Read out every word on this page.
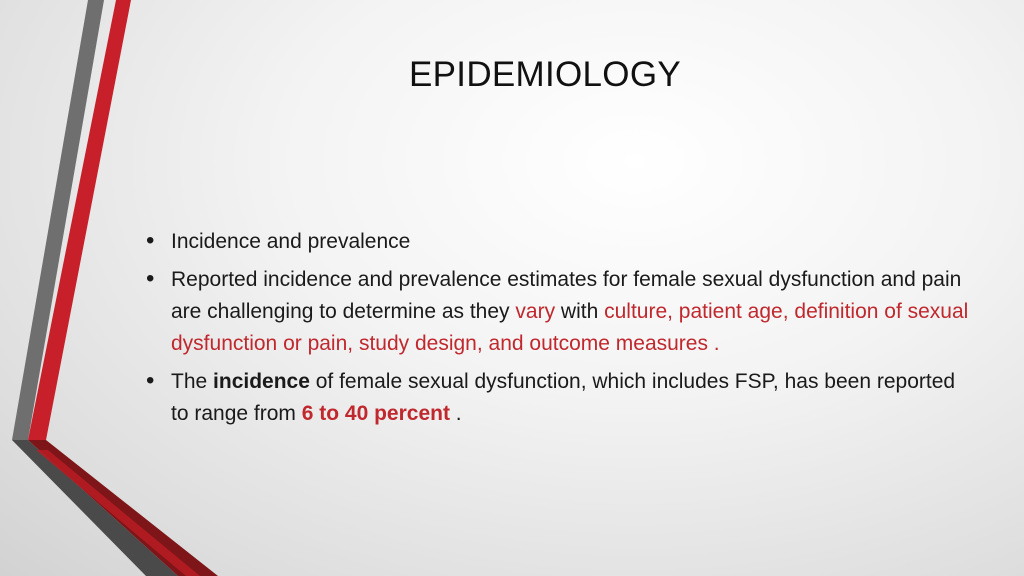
EPIDEMIOLOGY
• Incidence and prevalence
• Reported incidence and prevalence estimates for female sexual dysfunction and pain are challenging to determine as they vary with culture, patient age, definition of sexual dysfunction or pain, study design, and outcome measures .
• The incidence of female sexual dysfunction, which includes FSP, has been reported to range from 6 to 40 percent .
